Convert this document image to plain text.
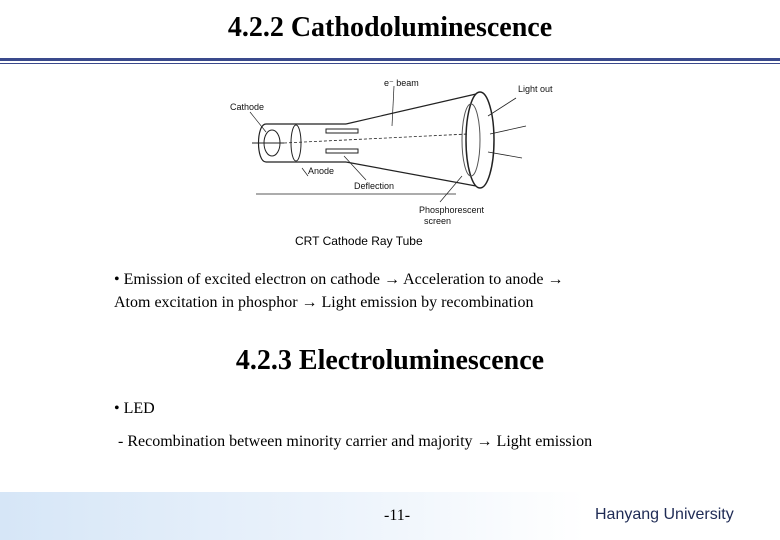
4.2.2 Cathodoluminescence
Cathode
e⁻ beam
Light out
Anode
Deflection
Phosphorescent
screen
CRT Cathode Ray Tube
• Emission of excited electron on cathode → Acceleration to anode →
Atom excitation in phosphor → Light emission by recombination
4.2.3 Electroluminescence
• LED
- Recombination between minority carrier and majority → Light emission
-11-	Hanyang University
